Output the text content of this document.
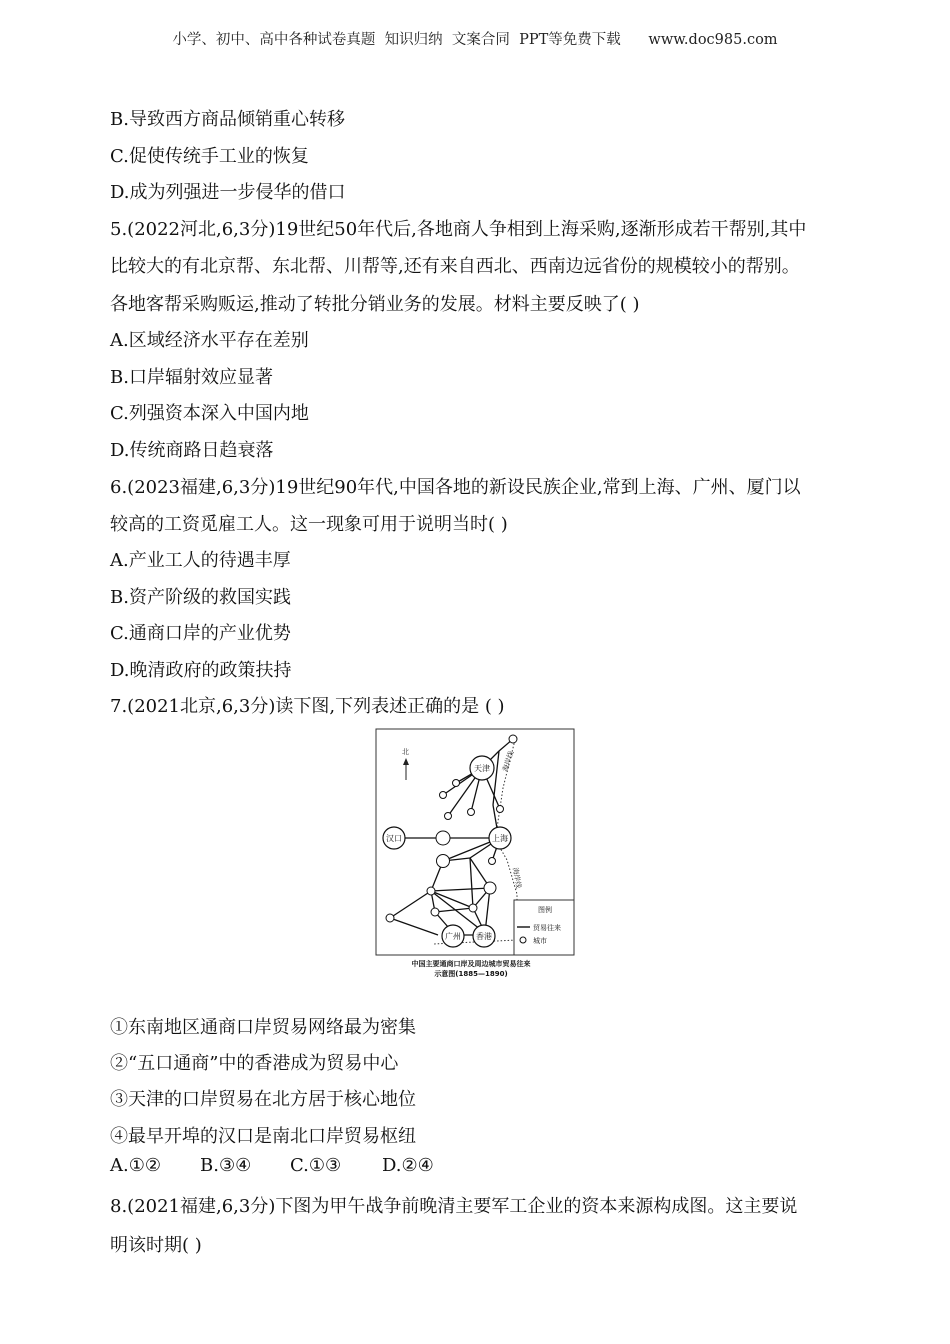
小学、初中、高中各种试卷真题  知识归纳  文案合同  PPT等免费下载      www.doc985.com
B.导致西方商品倾销重心转移
C.促使传统手工业的恢复
D.成为列强进一步侵华的借口
5.(2022河北,6,3分)19世纪50年代后,各地商人争相到上海采购,逐渐形成若干帮别,其中
比较大的有北京帮、东北帮、川帮等,还有来自西北、西南边远省份的规模较小的帮别。
各地客帮采购贩运,推动了转批分销业务的发展。材料主要反映了( )
A.区域经济水平存在差别
B.口岸辐射效应显著
C.列强资本深入中国内地
D.传统商路日趋衰落
6.(2023福建,6,3分)19世纪90年代,中国各地的新设民族企业,常到上海、广州、厦门以
较高的工资觅雇工人。这一现象可用于说明当时( )
A.产业工人的待遇丰厚
B.资产阶级的救国实践
C.通商口岸的产业优势
D.晚清政府的政策扶持
7.(2021北京,6,3分)读下图,下列表述正确的是 ( )
北	海岸线
海岸线
天津
汉口	上海
广州 香港
图例
贸易往来
城市
中国主要通商口岸及周边城市贸易往来
示意图(1885—1890)
①东南地区通商口岸贸易网络最为密集
②“五口通商”中的香港成为贸易中心
③天津的口岸贸易在北方居于核心地位
④最早开埠的汉口是南北口岸贸易枢纽
A.①② B.③④ C.①③ D.②④
8.(2021福建,6,3分)下图为甲午战争前晚清主要军工企业的资本来源构成图。这主要说
明该时期( )
